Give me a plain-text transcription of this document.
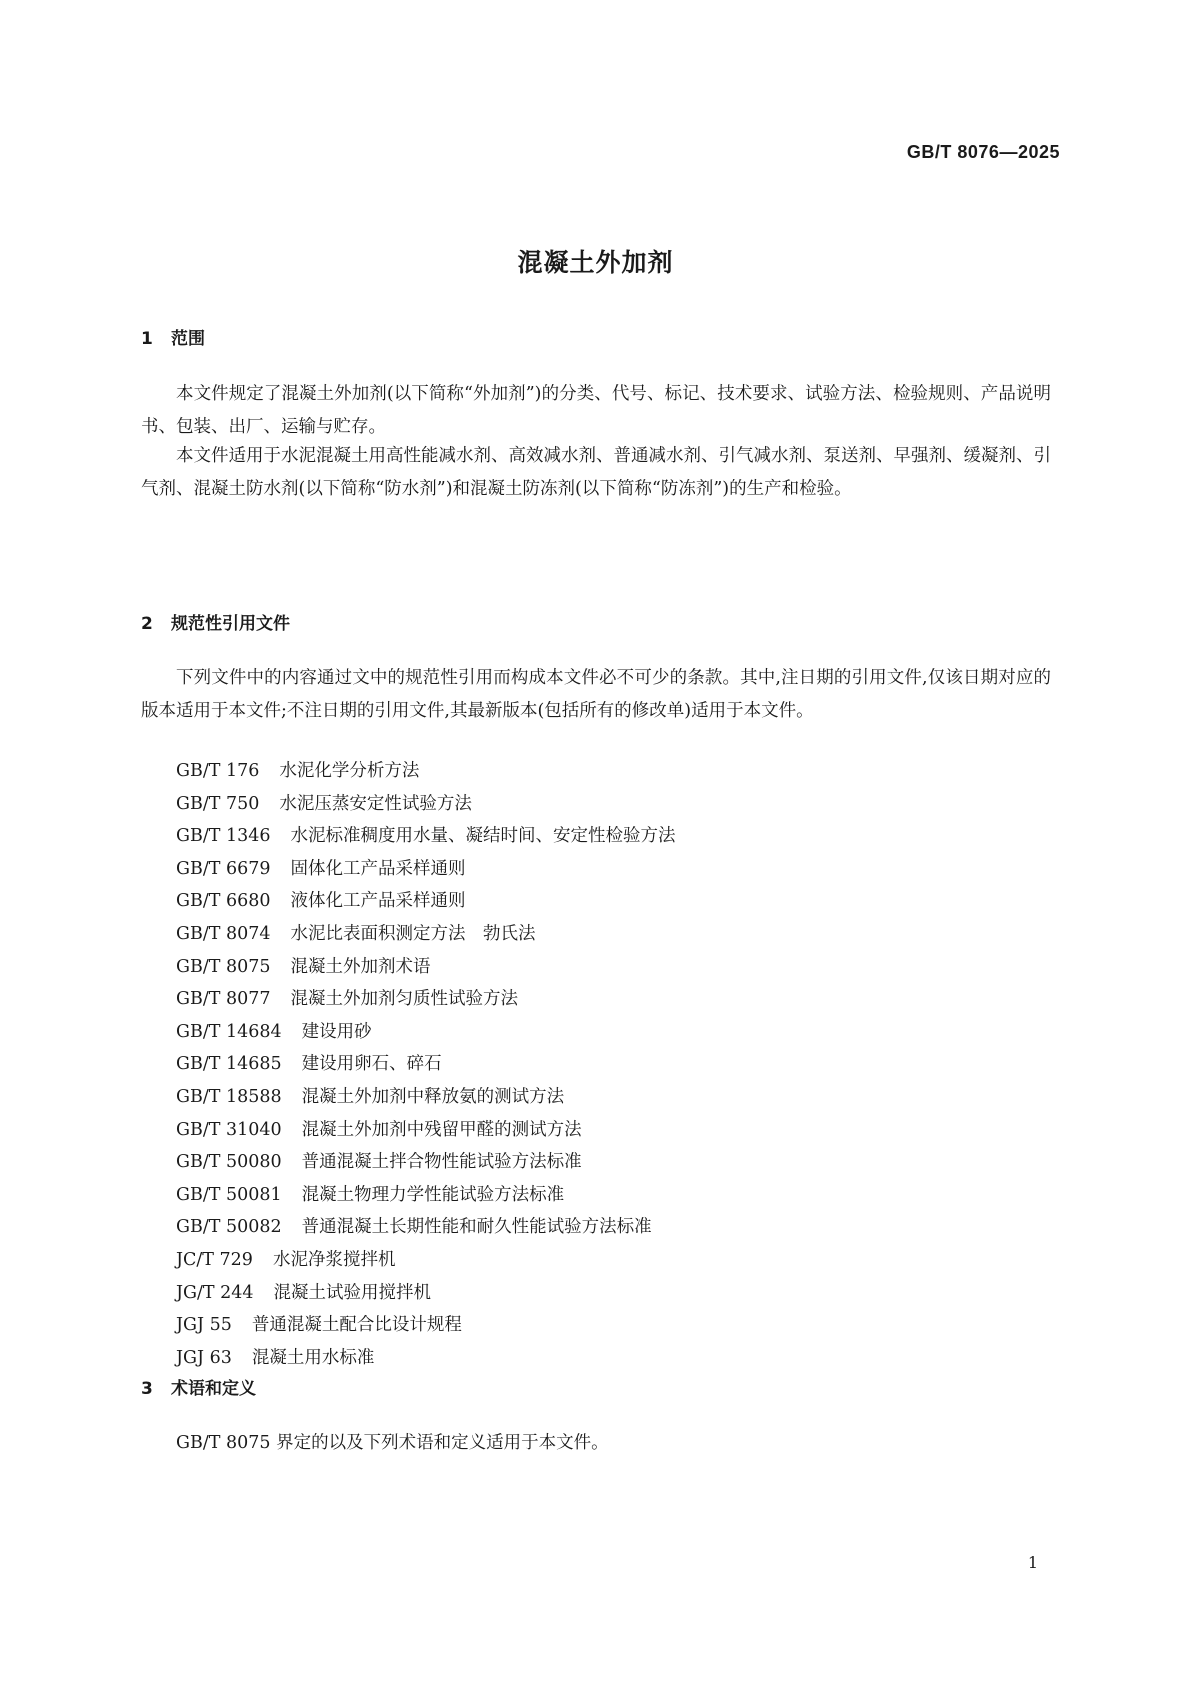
GB/T 8076—2025
混凝土外加剂
1 范围

本文件规定了混凝土外加剂(以下简称“外加剂”)的分类、代号、标记、技术要求、试验方法、检验规则、产品说明书、包装、出厂、运输与贮存。

本文件适用于水泥混凝土用高性能减水剂、高效减水剂、普通减水剂、引气减水剂、泵送剂、早强剂、缓凝剂、引气剂、混凝土防水剂(以下简称“防水剂”)和混凝土防冻剂(以下简称“防冻剂”)的生产和检验。

2 规范性引用文件

下列文件中的内容通过文中的规范性引用而构成本文件必不可少的条款。其中,注日期的引用文件,仅该日期对应的版本适用于本文件;不注日期的引用文件,其最新版本(包括所有的修改单)适用于本文件。

GB/T 176 水泥化学分析方法
GB/T 750 水泥压蒸安定性试验方法
GB/T 1346 水泥标准稠度用水量、凝结时间、安定性检验方法
GB/T 6679 固体化工产品采样通则
GB/T 6680 液体化工产品采样通则
GB/T 8074 水泥比表面积测定方法　勃氏法
GB/T 8075 混凝土外加剂术语
GB/T 8077 混凝土外加剂匀质性试验方法
GB/T 14684 建设用砂
GB/T 14685 建设用卵石、碎石
GB/T 18588 混凝土外加剂中释放氨的测试方法
GB/T 31040 混凝土外加剂中残留甲醛的测试方法
GB/T 50080 普通混凝土拌合物性能试验方法标准
GB/T 50081 混凝土物理力学性能试验方法标准
GB/T 50082 普通混凝土长期性能和耐久性能试验方法标准
JC/T 729 水泥净浆搅拌机
JG/T 244 混凝土试验用搅拌机
JGJ 55 普通混凝土配合比设计规程
JGJ 63 混凝土用水标准
3 术语和定义

GB/T 8075 界定的以及下列术语和定义适用于本文件。

1
